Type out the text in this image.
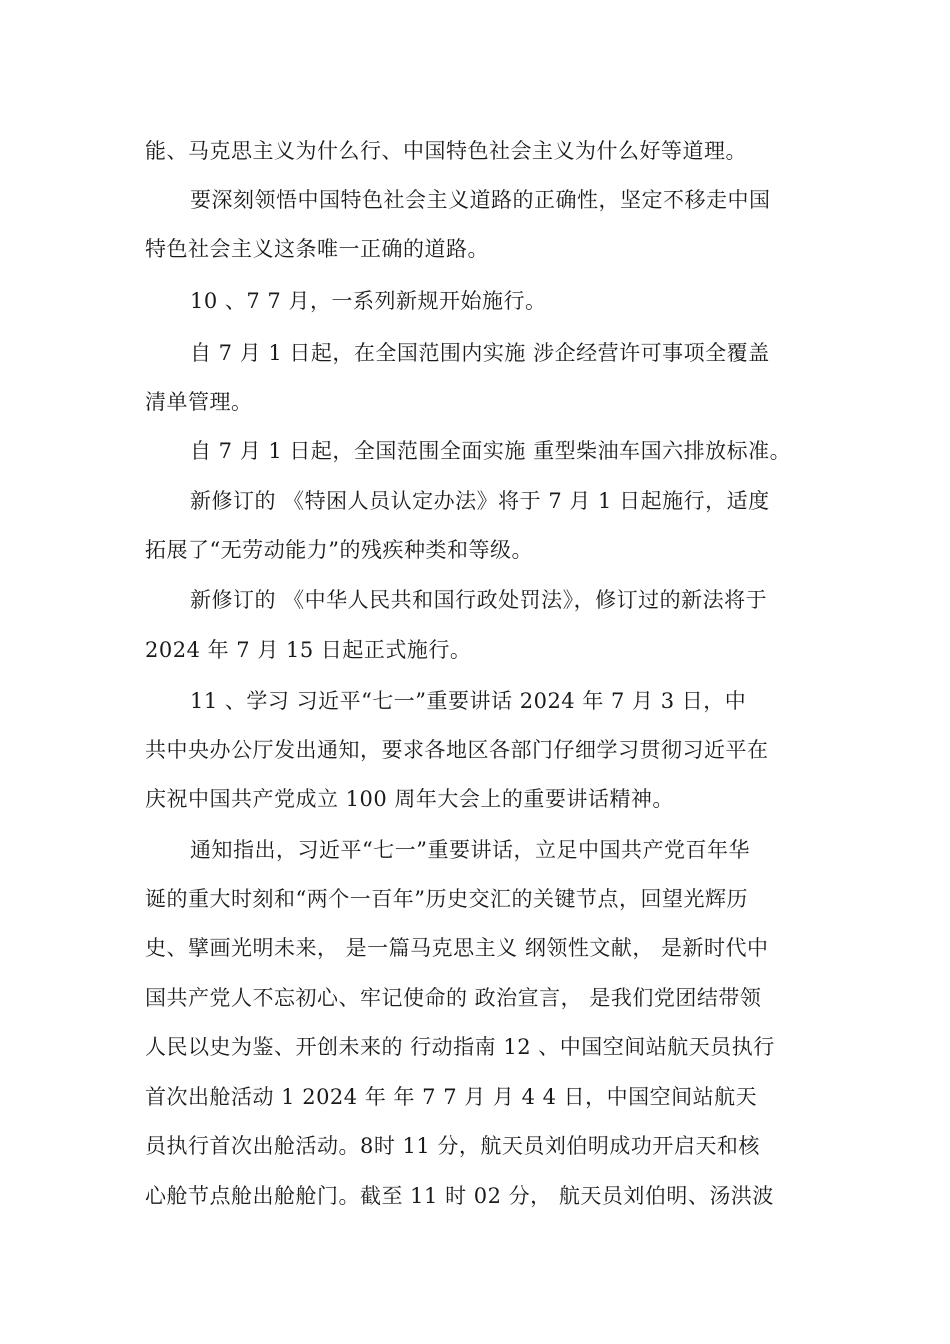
能、马克思主义为什么行、中国特色社会主义为什么好等道理。
要深刻领悟中国特色社会主义道路的正确性，坚定不移走中国
特色社会主义这条唯一正确的道路。
10 、7 7 月，一系列新规开始施行。
自 7 月 1 日起，在全国范围内实施 涉企经营许可事项全覆盖
清单管理。
自 7 月 1 日起，全国范围全面实施 重型柴油车国六排放标准。
新修订的 《特困人员认定办法》将于 7 月 1 日起施行，适度
拓展了“无劳动能力”的残疾种类和等级。
新修订的 《中华人民共和国行政处罚法》，修订过的新法将于
2024 年 7 月 15 日起正式施行。
11 、学习 习近平“七一”重要讲话 2024 年 7 月 3 日，中
共中央办公厅发出通知，要求各地区各部门仔细学习贯彻习近平在
庆祝中国共产党成立 100 周年大会上的重要讲话精神。
通知指出，习近平“七一”重要讲话，立足中国共产党百年华
诞的重大时刻和“两个一百年”历史交汇的关键节点，回望光辉历
史、擘画光明未来， 是一篇马克思主义 纲领性文献， 是新时代中
国共产党人不忘初心、牢记使命的 政治宣言， 是我们党团结带领
人民以史为鉴、开创未来的 行动指南 12 、中国空间站航天员执行
首次出舱活动 1 2024 年 年 7 7 月 月 4 4 日，中国空间站航天
员执行首次出舱活动。8时 11 分，航天员刘伯明成功开启天和核
心舱节点舱出舱舱门。截至 11 时 02 分， 航天员刘伯明、汤洪波
